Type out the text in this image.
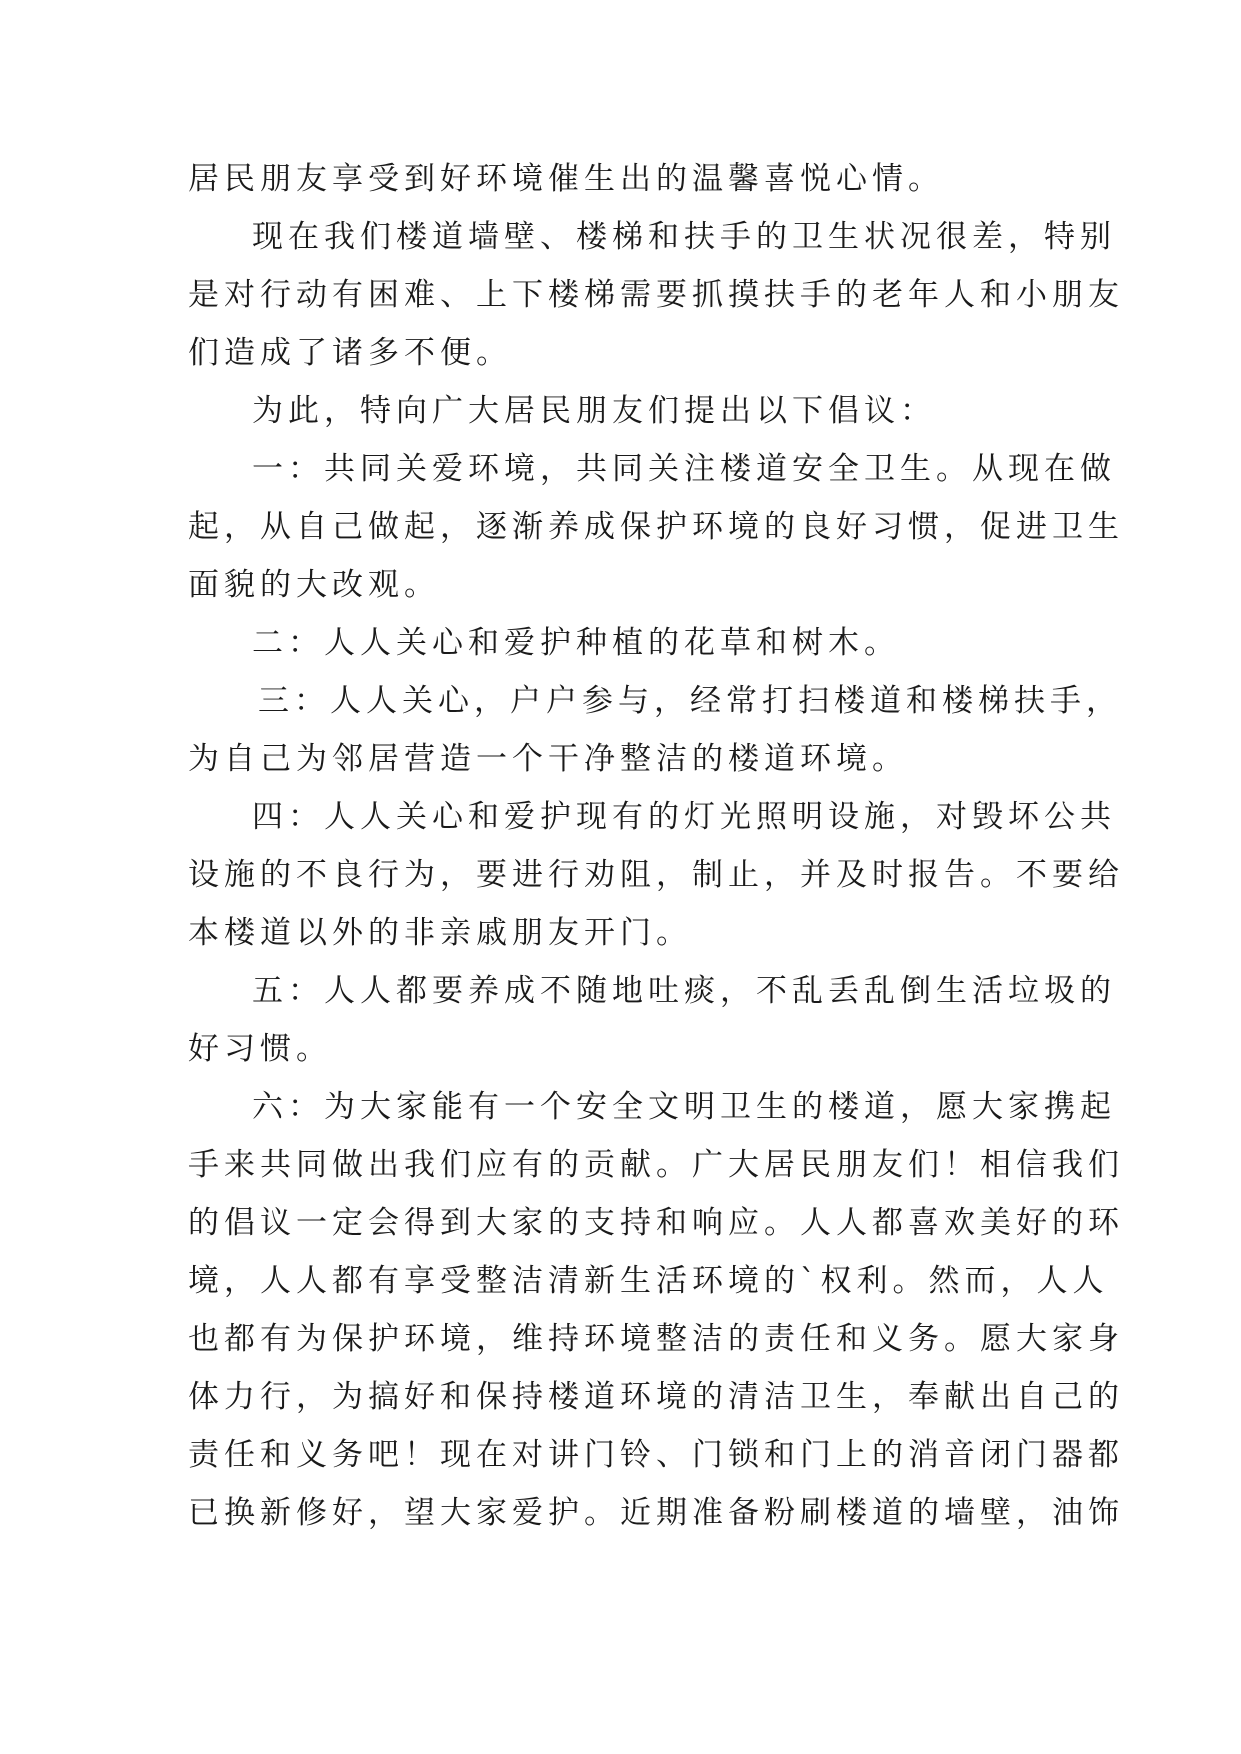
居民朋友享受到好环境催生出的温馨喜悦心情。
现在我们楼道墙壁、楼梯和扶手的卫生状况很差，特别
是对行动有困难、上下楼梯需要抓摸扶手的老年人和小朋友
们造成了诸多不便。
为此，特向广大居民朋友们提出以下倡议：
一：共同关爱环境，共同关注楼道安全卫生。从现在做
起，从自己做起，逐渐养成保护环境的良好习惯，促进卫生
面貌的大改观。
二：人人关心和爱护种植的花草和树木。
三：人人关心，户户参与，经常打扫楼道和楼梯扶手，
为自己为邻居营造一个干净整洁的楼道环境。
四：人人关心和爱护现有的灯光照明设施，对毁坏公共
设施的不良行为，要进行劝阻，制止，并及时报告。不要给
本楼道以外的非亲戚朋友开门。
五：人人都要养成不随地吐痰，不乱丢乱倒生活垃圾的
好习惯。
六：为大家能有一个安全文明卫生的楼道，愿大家携起
手来共同做出我们应有的贡献。广大居民朋友们！相信我们
的倡议一定会得到大家的支持和响应。人人都喜欢美好的环
境，人人都有享受整洁清新生活环境的`权利。然而，人人
也都有为保护环境，维持环境整洁的责任和义务。愿大家身
体力行，为搞好和保持楼道环境的清洁卫生，奉献出自己的
责任和义务吧！现在对讲门铃、门锁和门上的消音闭门器都
已换新修好，望大家爱护。近期准备粉刷楼道的墙壁，油饰
